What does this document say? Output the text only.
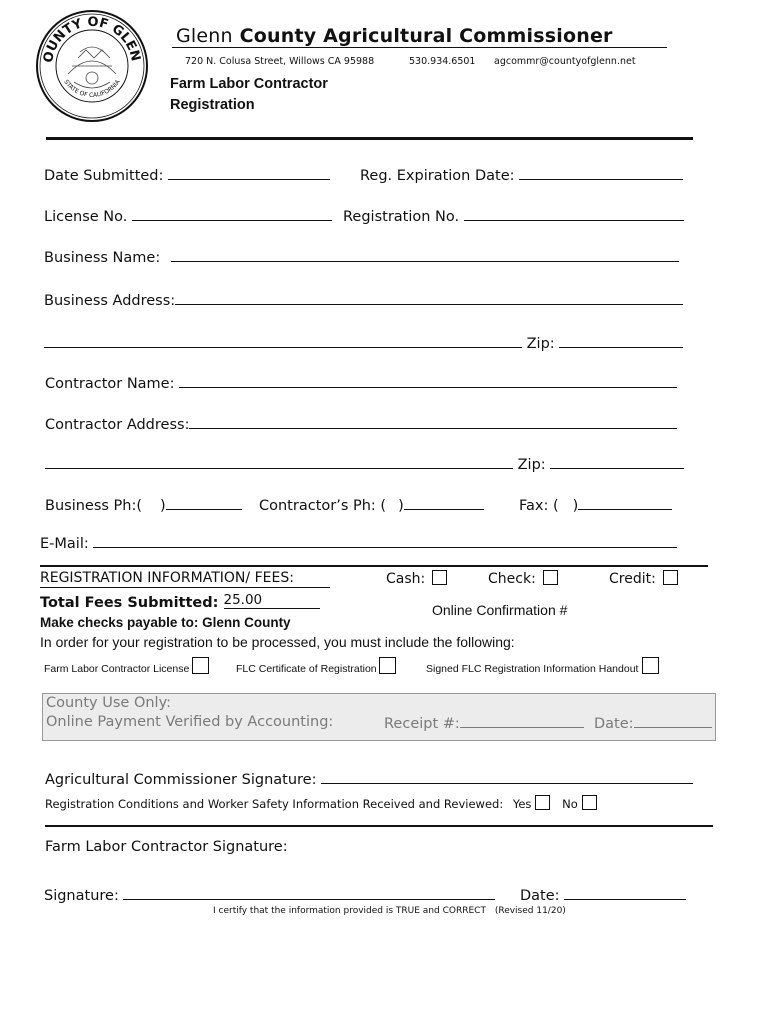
OUNTY OF GLEN
STATE OF CALIFORNIA
Glenn County Agricultural Commissioner
720 N. Colusa Street, Willows CA 95988	530.934.6501 agcommr@countyofglenn.net
Farm Labor Contractor
Registration
Date Submitted:	Reg. Expiration Date:
License No.	Registration No.
Business Name:
Business Address:
Zip:
Contractor Name:
Contractor Address:
Zip:
Business Ph:( )	Contractor’s Ph: ( )	Fax: ( )
E-Mail:
REGISTRATION INFORMATION/ FEES:	Cash:	Check:	Credit:
Total Fees Submitted: 25.00
Online Confirmation #
Make checks payable to: Glenn County
In order for your registration to be processed, you must include the following:
Farm Labor Contractor License	FLC Certificate of Registration	Signed FLC Registration Information Handout
County Use Only:
Online Payment Verified by Accounting:	Receipt #:	Date:
Agricultural Commissioner Signature:
Registration Conditions and Worker Safety Information Received and Reviewed: Yes	No
Farm Labor Contractor Signature:
Signature:	Date:
I certify that the information provided is TRUE and CORRECT (Revised 11/20)
